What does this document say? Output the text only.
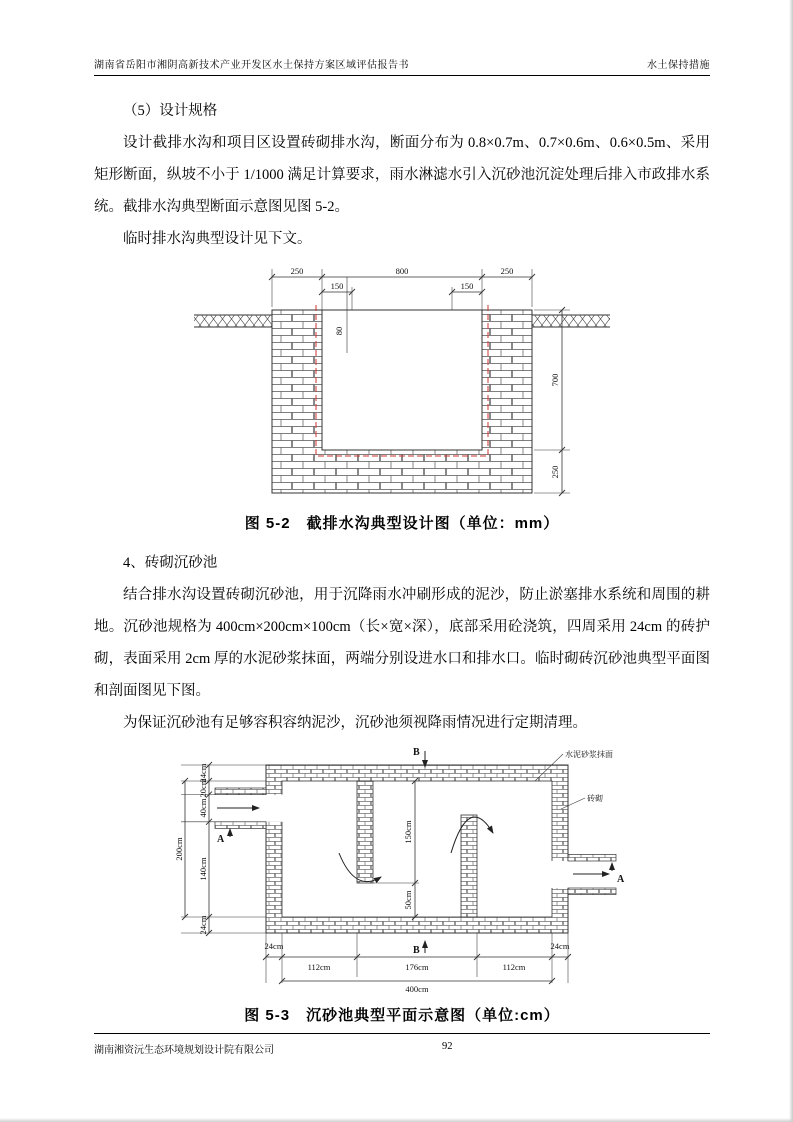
湖南省岳阳市湘阴高新技术产业开发区水土保持方案区域评估报告书	水土保持措施

（5）设计规格

设计截排水沟和项目区设置砖砌排水沟，断面分布为 0.8×0.7m、0.7×0.6m、0.6×0.5m、采用矩形断面，纵坡不小于 1/1000 满足计算要求，雨水淋滤水引入沉砂池沉淀处理后排入市政排水系统。截排水沟典型断面示意图见图 5-2。

临时排水沟典型设计见下文。

250	800	250
150	150
80
700
250
图 5-2　截排水沟典型设计图（单位：mm）

4、砖砌沉砂池

结合排水沟设置砖砌沉砂池，用于沉降雨水冲刷形成的泥沙，防止淤塞排水系统和周围的耕地。沉砂池规格为 400cm×200cm×100cm（长×宽×深），底部采用砼浇筑，四周采用 24cm 的砖护砌，表面采用 2cm 厚的水泥砂浆抹面，两端分别设进水口和排水口。临时砌砖沉砂池典型平面图和剖面图见下图。

为保证沉砂池有足够容积容纳泥沙，沉砂池须视降雨情况进行定期清理。

A
A
B
B
24cm
20cm
40cm
140cm
24cm
200cm
150cm
50cm
24cm	24cm
112cm	176cm	112cm
400cm
水泥砂浆抹面
砖砌
图 5-3　沉砂池典型平面示意图（单位:cm）
湖南湘资沅生态环境规划设计院有限公司	92
